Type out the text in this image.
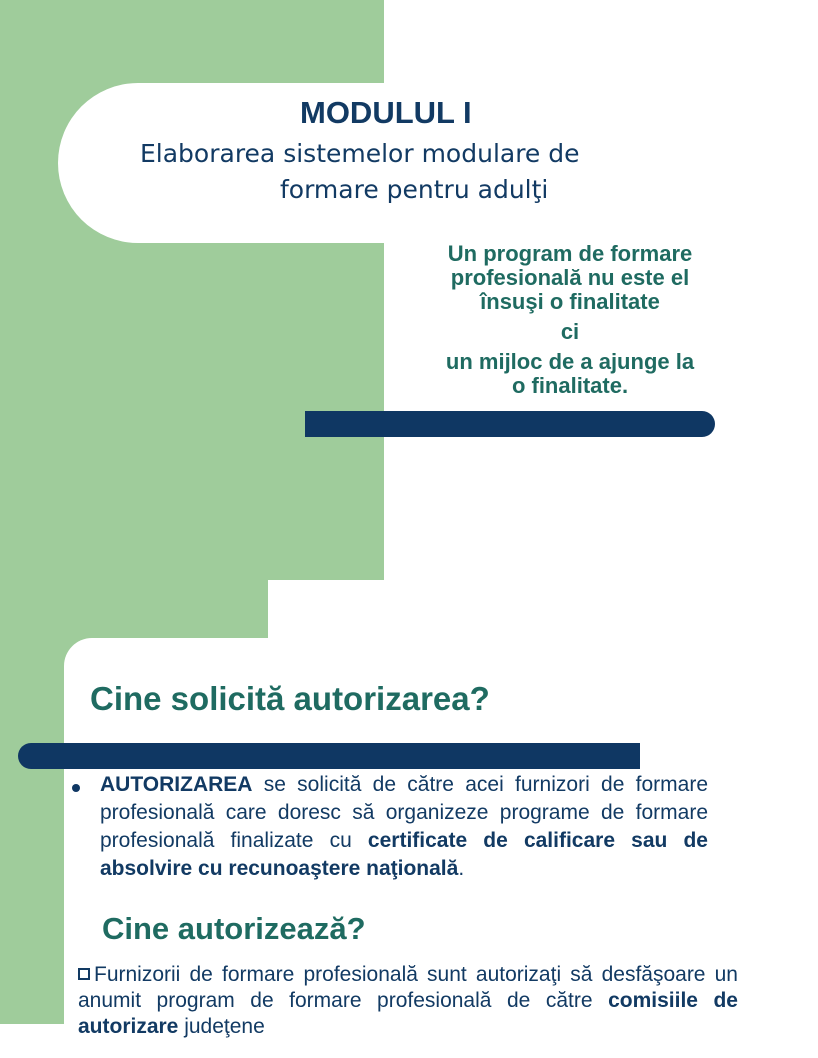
MODULUL I
Elaborarea sistemelor modulare de
formare pentru adulţi
Un program de formare
profesională nu este el
însuşi o finalitate
ci
un mijloc de a ajunge la
o finalitate.
Cine solicită autorizarea?
AUTORIZAREA se solicită de către acei furnizori de formare profesională care doresc să organizeze programe de formare profesională finalizate cu certificate de calificare sau de absolvire cu recunoaştere naţională.
Cine autorizează?
Furnizorii de formare profesională sunt autorizaţi să desfăşoare un anumit program de formare profesională de către comisiile de autorizare judeţene
